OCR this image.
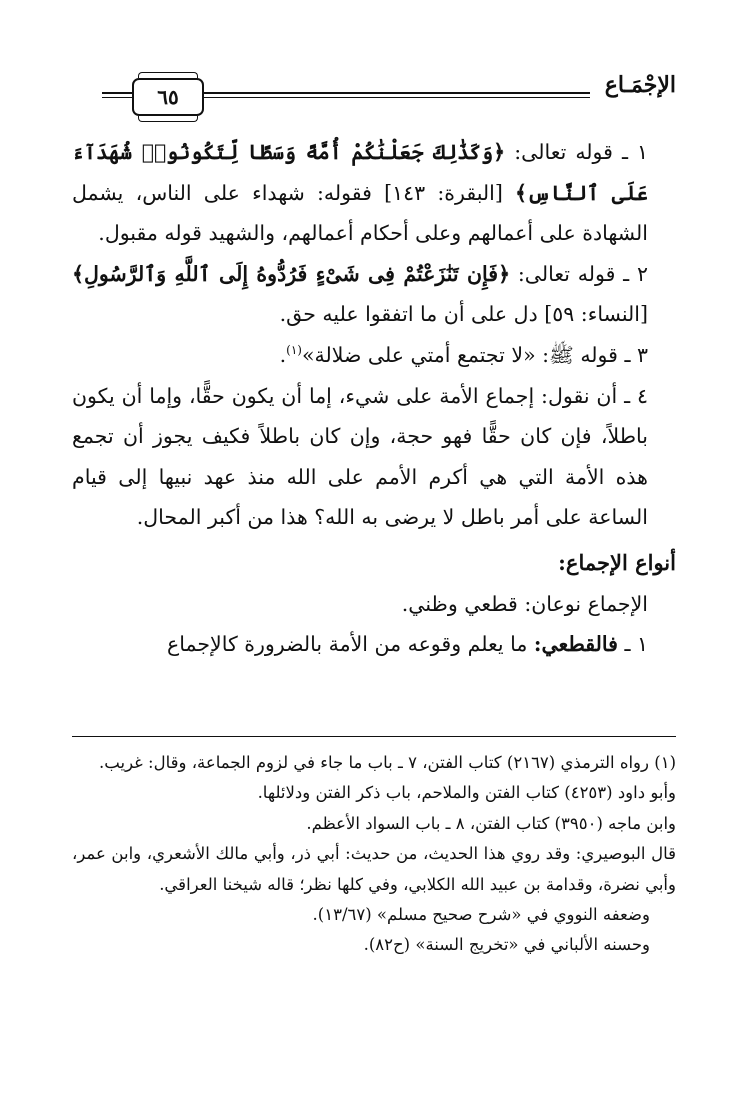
الإجْمَـاع
٦٥

١ ـ قوله تعالى: ﴿وَكَذَٰلِكَ جَعَلْنَٰكُمْ أُمَّةً وَسَطًا لِّتَكُونُوا۟ شُهَدَآءَ عَلَى ٱلنَّاسِ﴾ [البقرة: ١٤٣] فقوله: شهداء على الناس، يشمل الشهادة على أعمالهم وعلى أحكام أعمالهم، والشهيد قوله مقبول.

٢ ـ قوله تعالى: ﴿فَإِن تَنَٰزَعْتُمْ فِى شَىْءٍ فَرُدُّوهُ إِلَى ٱللَّهِ وَٱلرَّسُولِ﴾ [النساء: ٥٩] دل على أن ما اتفقوا عليه حق.

٣ ـ قوله ﷺ: «لا تجتمع أمتي على ضلالة»$^{(١)}$.

٤ ـ أن نقول: إجماع الأمة على شيء، إما أن يكون حقًّا، وإما أن يكون باطلاً، فإن كان حقًّا فهو حجة، وإن كان باطلاً فكيف يجوز أن تجمع هذه الأمة التي هي أكرم الأمم على الله منذ عهد نبيها إلى قيام الساعة على أمر باطل لا يرضى به الله؟ هذا من أكبر المحال.

أنواع الإجماع:

الإجماع نوعان: قطعي وظني.

١ ـ فالقطعي: ما يعلم وقوعه من الأمة بالضرورة كالإجماع

(١) رواه الترمذي (٢١٦٧) كتاب الفتن، ٧ ـ باب ما جاء في لزوم الجماعة، وقال: غريب.

وأبو داود (٤٢٥٣) كتاب الفتن والملاحم، باب ذكر الفتن ودلائلها.

وابن ماجه (٣٩٥٠) كتاب الفتن، ٨ ـ باب السواد الأعظم.

قال البوصيري: وقد روي هذا الحديث، من حديث: أبي ذر، وأبي مالك الأشعري، وابن عمر، وأبي نضرة، وقدامة بن عبيد الله الكلابي، وفي كلها نظر؛ قاله شيخنا العراقي.

وضعفه النووي في «شرح صحيح مسلم» (١٣/٦٧).

وحسنه الألباني في «تخريج السنة» (ح٨٢).
